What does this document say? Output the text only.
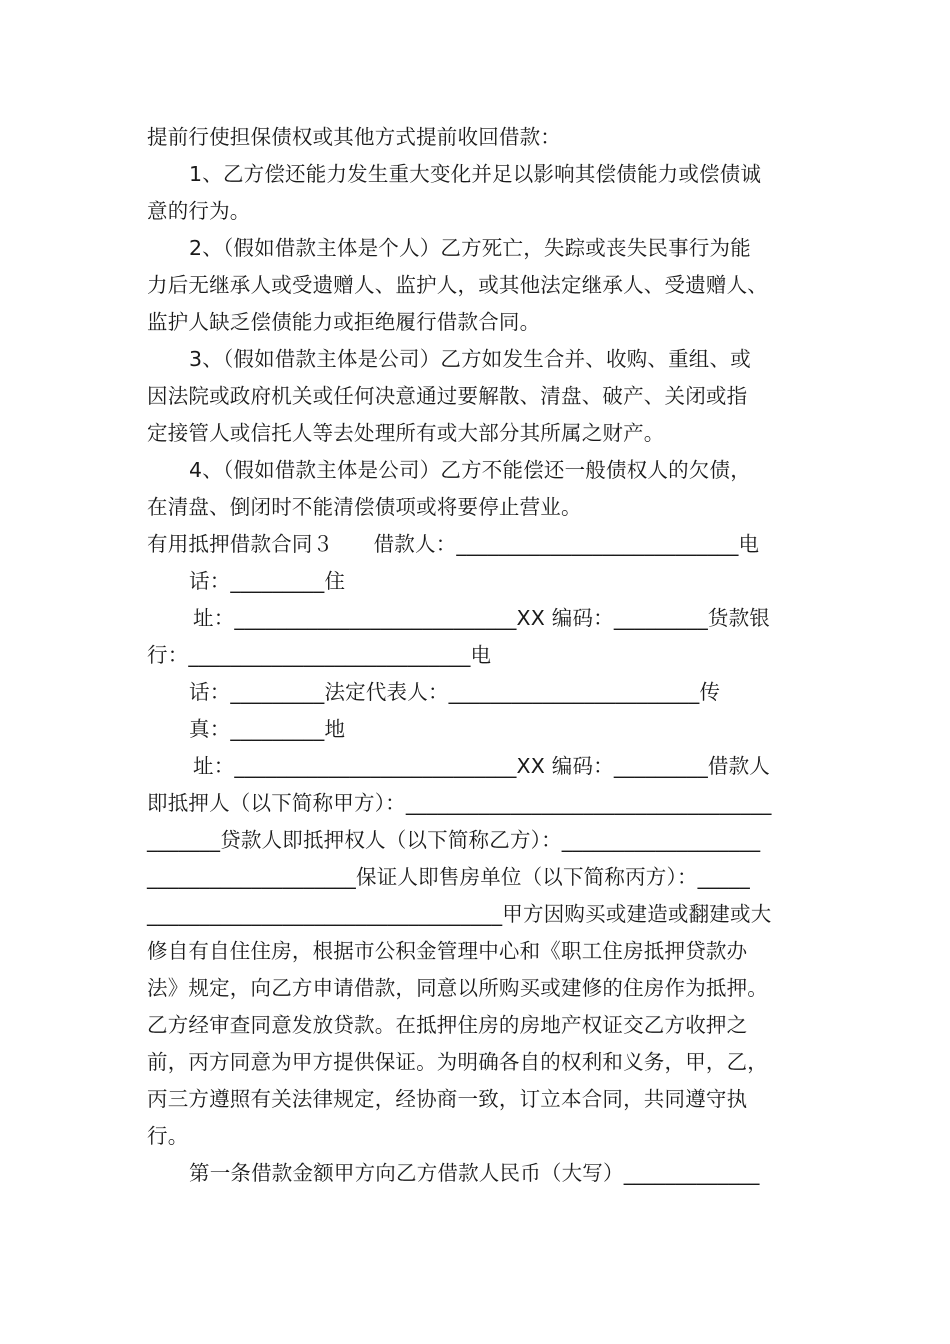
提前行使担保债权或其他方式提前收回借款：
1、乙方偿还能力发生重大变化并足以影响其偿债能力或偿债诚
意的行为。
2、（假如借款主体是个人）乙方死亡，失踪或丧失民事行为能
力后无继承人或受遗赠人、监护人，或其他法定继承人、受遗赠人、
监护人缺乏偿债能力或拒绝履行借款合同。
3、（假如借款主体是公司）乙方如发生合并、收购、重组、或
因法院或政府机关或任何决意通过要解散、清盘、破产、关闭或指
定接管人或信托人等去处理所有或大部分其所属之财产。
4、（假如借款主体是公司）乙方不能偿还一般债权人的欠债，
在清盘、倒闭时不能清偿债项或将要停止营业。
有用抵押借款合同３      借款人：___________________________电
话：_________住
址：___________________________XX 编码：_________货款银
行：___________________________电
话：_________法定代表人：________________________传
真：_________地
址：___________________________XX 编码：_________借款人
即抵押人（以下简称甲方）：___________________________________
_______贷款人即抵押权人（以下简称乙方）：___________________
____________________保证人即售房单位（以下简称丙方）：_____
__________________________________甲方因购买或建造或翻建或大
修自有自住住房，根据市公积金管理中心和《职工住房抵押贷款办
法》规定，向乙方申请借款，同意以所购买或建修的住房作为抵押。
乙方经审查同意发放贷款。在抵押住房的房地产权证交乙方收押之
前，丙方同意为甲方提供保证。为明确各自的权利和义务，甲，乙，
丙三方遵照有关法律规定，经协商一致，订立本合同，共同遵守执
行。
第一条借款金额甲方向乙方借款人民币（大写）_____________
